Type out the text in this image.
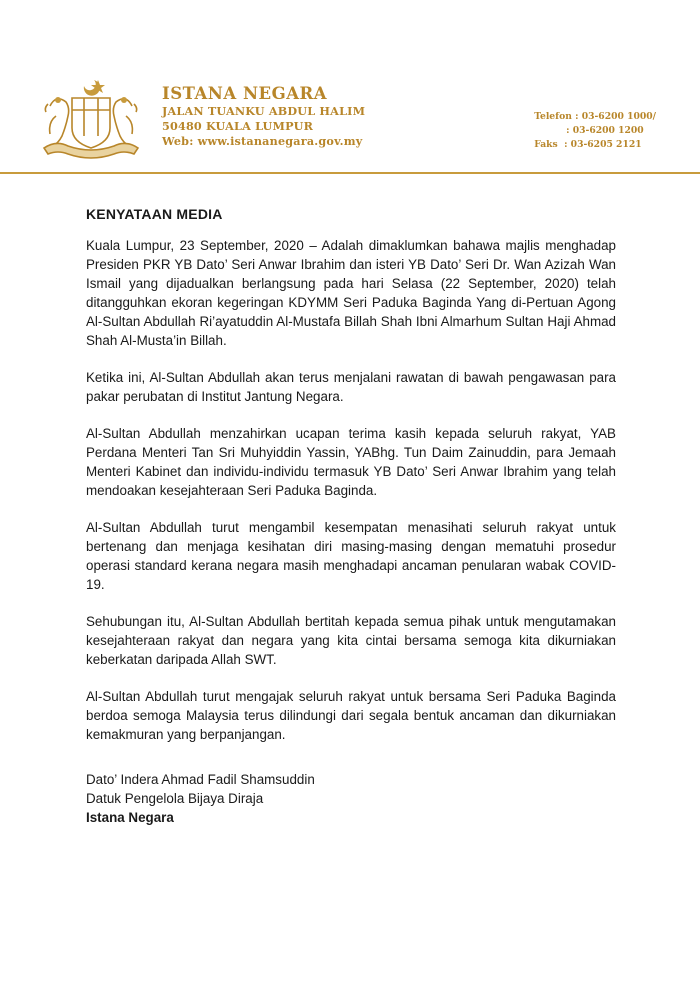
ISTANA NEGARA
JALAN TUANKU ABDUL HALIM
50480 KUALA LUMPUR
Web: www.istananegara.gov.my
Telefon : 03-6200 1000/
: 03-6200 1200
Faks  : 03-6205 2121
KENYATAAN MEDIA

Kuala Lumpur, 23 September, 2020 – Adalah dimaklumkan bahawa majlis menghadap Presiden PKR YB Dato’ Seri Anwar Ibrahim dan isteri YB Dato’ Seri Dr. Wan Azizah Wan Ismail yang dijadualkan berlangsung pada hari Selasa (22 September, 2020) telah ditangguhkan ekoran kegeringan KDYMM Seri Paduka Baginda Yang di-Pertuan Agong Al-Sultan Abdullah Ri’ayatuddin Al-Mustafa Billah Shah Ibni Almarhum Sultan Haji Ahmad Shah Al-Musta’in Billah.

Ketika ini, Al-Sultan Abdullah akan terus menjalani rawatan di bawah pengawasan para pakar perubatan di Institut Jantung Negara.

Al-Sultan Abdullah menzahirkan ucapan terima kasih kepada seluruh rakyat, YAB Perdana Menteri Tan Sri Muhyiddin Yassin, YABhg. Tun Daim Zainuddin, para Jemaah Menteri Kabinet dan individu-individu termasuk YB Dato’ Seri Anwar Ibrahim yang telah mendoakan kesejahteraan Seri Paduka Baginda.

Al-Sultan Abdullah turut mengambil kesempatan menasihati seluruh rakyat untuk bertenang dan menjaga kesihatan diri masing-masing dengan mematuhi prosedur operasi standard kerana negara masih menghadapi ancaman penularan wabak COVID-19.

Sehubungan itu, Al-Sultan Abdullah bertitah kepada semua pihak untuk mengutamakan kesejahteraan rakyat dan negara yang kita cintai bersama semoga kita dikurniakan keberkatan daripada Allah SWT.

Al-Sultan Abdullah turut mengajak seluruh rakyat untuk bersama Seri Paduka Baginda berdoa semoga Malaysia terus dilindungi dari segala bentuk ancaman dan dikurniakan kemakmuran yang berpanjangan.

Dato’ Indera Ahmad Fadil Shamsuddin
Datuk Pengelola Bijaya Diraja
Istana Negara
